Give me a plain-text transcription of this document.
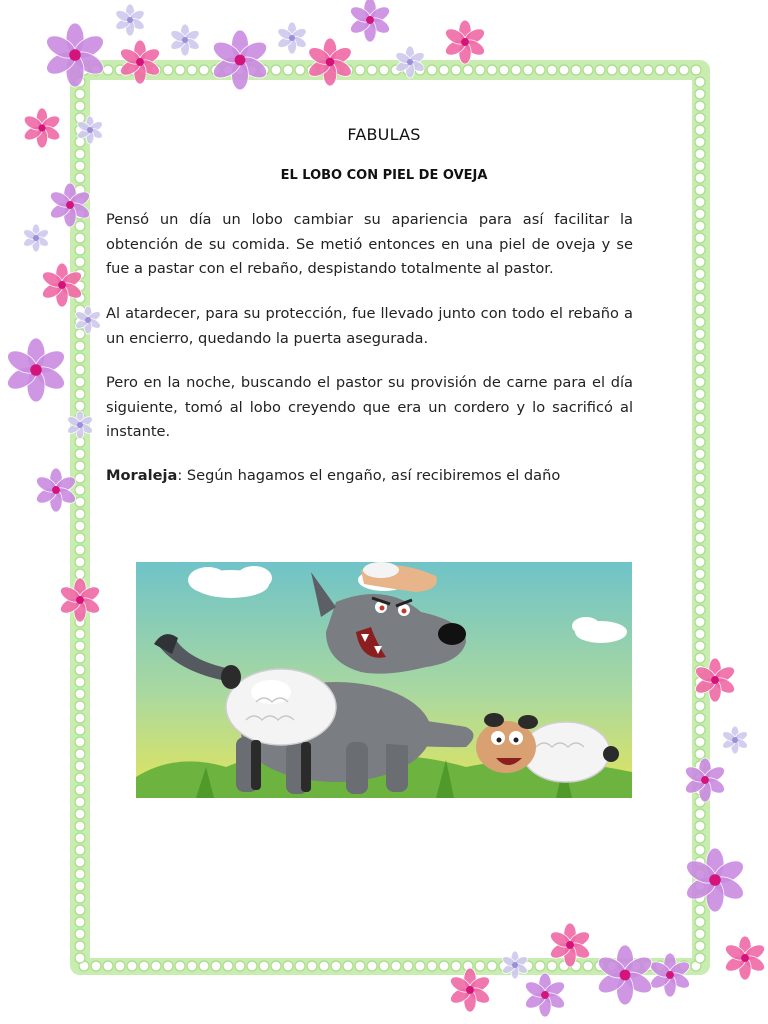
FABULAS
EL LOBO CON PIEL DE OVEJA
Pensó un día un lobo cambiar su apariencia para así facilitar la obtención de su comida. Se metió entonces en una piel de oveja y se fue a pastar con el rebaño, despistando totalmente al pastor.
Al atardecer, para su protección, fue llevado junto con todo el rebaño a un encierro, quedando la puerta asegurada.
Pero en la noche, buscando el pastor su provisión de carne para el día siguiente, tomó al lobo creyendo que era un cordero y lo sacrificó al instante.
Moraleja: Según hagamos el engaño, así recibiremos el daño
